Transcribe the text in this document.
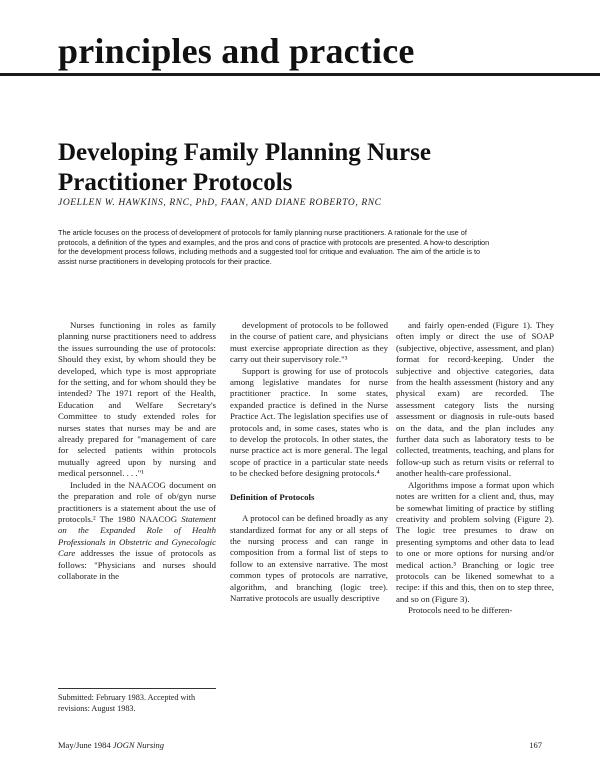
principles and practice
Developing Family Planning Nurse Practitioner Protocols

JOELLEN W. HAWKINS, RNC, PhD, FAAN, AND DIANE ROBERTO, RNC

The article focuses on the process of development of protocols for family planning nurse practitioners. A rationale for the use of protocols, a definition of the types and examples, and the pros and cons of practice with protocols are presented. A how-to description for the development process follows, including methods and a suggested tool for critique and evaluation. The aim of the article is to assist nurse practitioners in developing protocols for their practice.

Nurses functioning in roles as family planning nurse practitioners need to address the issues surrounding the use of protocols: Should they exist, by whom should they be developed, which type is most appropriate for the setting, and for whom should they be intended? The 1971 report of the Health, Education and Welfare Secretary's Committee to study extended roles for nurses states that nurses may be and are already prepared for "management of care for selected patients within protocols mutually agreed upon by nursing and medical personnel. . . ."¹

Included in the NAACOG document on the preparation and role of ob/gyn nurse practitioners is a statement about the use of protocols.² The 1980 NAACOG Statement on the Expanded Role of Health Professionals in Obstetric and Gynecologic Care addresses the issue of protocols as follows: "Physicians and nurses should collaborate in the

development of protocols to be followed in the course of patient care, and physicians must exercise appropriate direction as they carry out their supervisory role."³

Support is growing for use of protocols among legislative mandates for nurse practitioner practice. In some states, expanded practice is defined in the Nurse Practice Act. The legislation specifies use of protocols and, in some cases, states who is to develop the protocols. In other states, the nurse practice act is more general. The legal scope of practice in a particular state needs to be checked before designing protocols.⁴

Definition of Protocols

A protocol can be defined broadly as any standardized format for any or all steps of the nursing process and can range in composition from a formal list of steps to follow to an extensive narrative. The most common types of protocols are narrative, algorithm, and branching (logic tree). Narrative protocols are usually descriptive

and fairly open-ended (Figure 1). They often imply or direct the use of SOAP (subjective, objective, assessment, and plan) format for record-keeping. Under the subjective and objective categories, data from the health assessment (history and any physical exam) are recorded. The assessment category lists the nursing assessment or diagnosis in rule-outs based on the data, and the plan includes any further data such as laboratory tests to be collected, treatments, teaching, and plans for follow-up such as return visits or referral to another health-care professional.

Algorithms impose a format upon which notes are written for a client and, thus, may be somewhat limiting of practice by stifling creativity and problem solving (Figure 2). The logic tree presumes to draw on presenting symptoms and other data to lead to one or more options for nursing and/or medical action.⁵ Branching or logic tree protocols can be likened somewhat to a recipe: if this and this, then on to step three, and so on (Figure 3).

Protocols need to be differen-

Submitted: February 1983. Accepted with revisions: August 1983.

May/June 1984 JOGN Nursing	167
